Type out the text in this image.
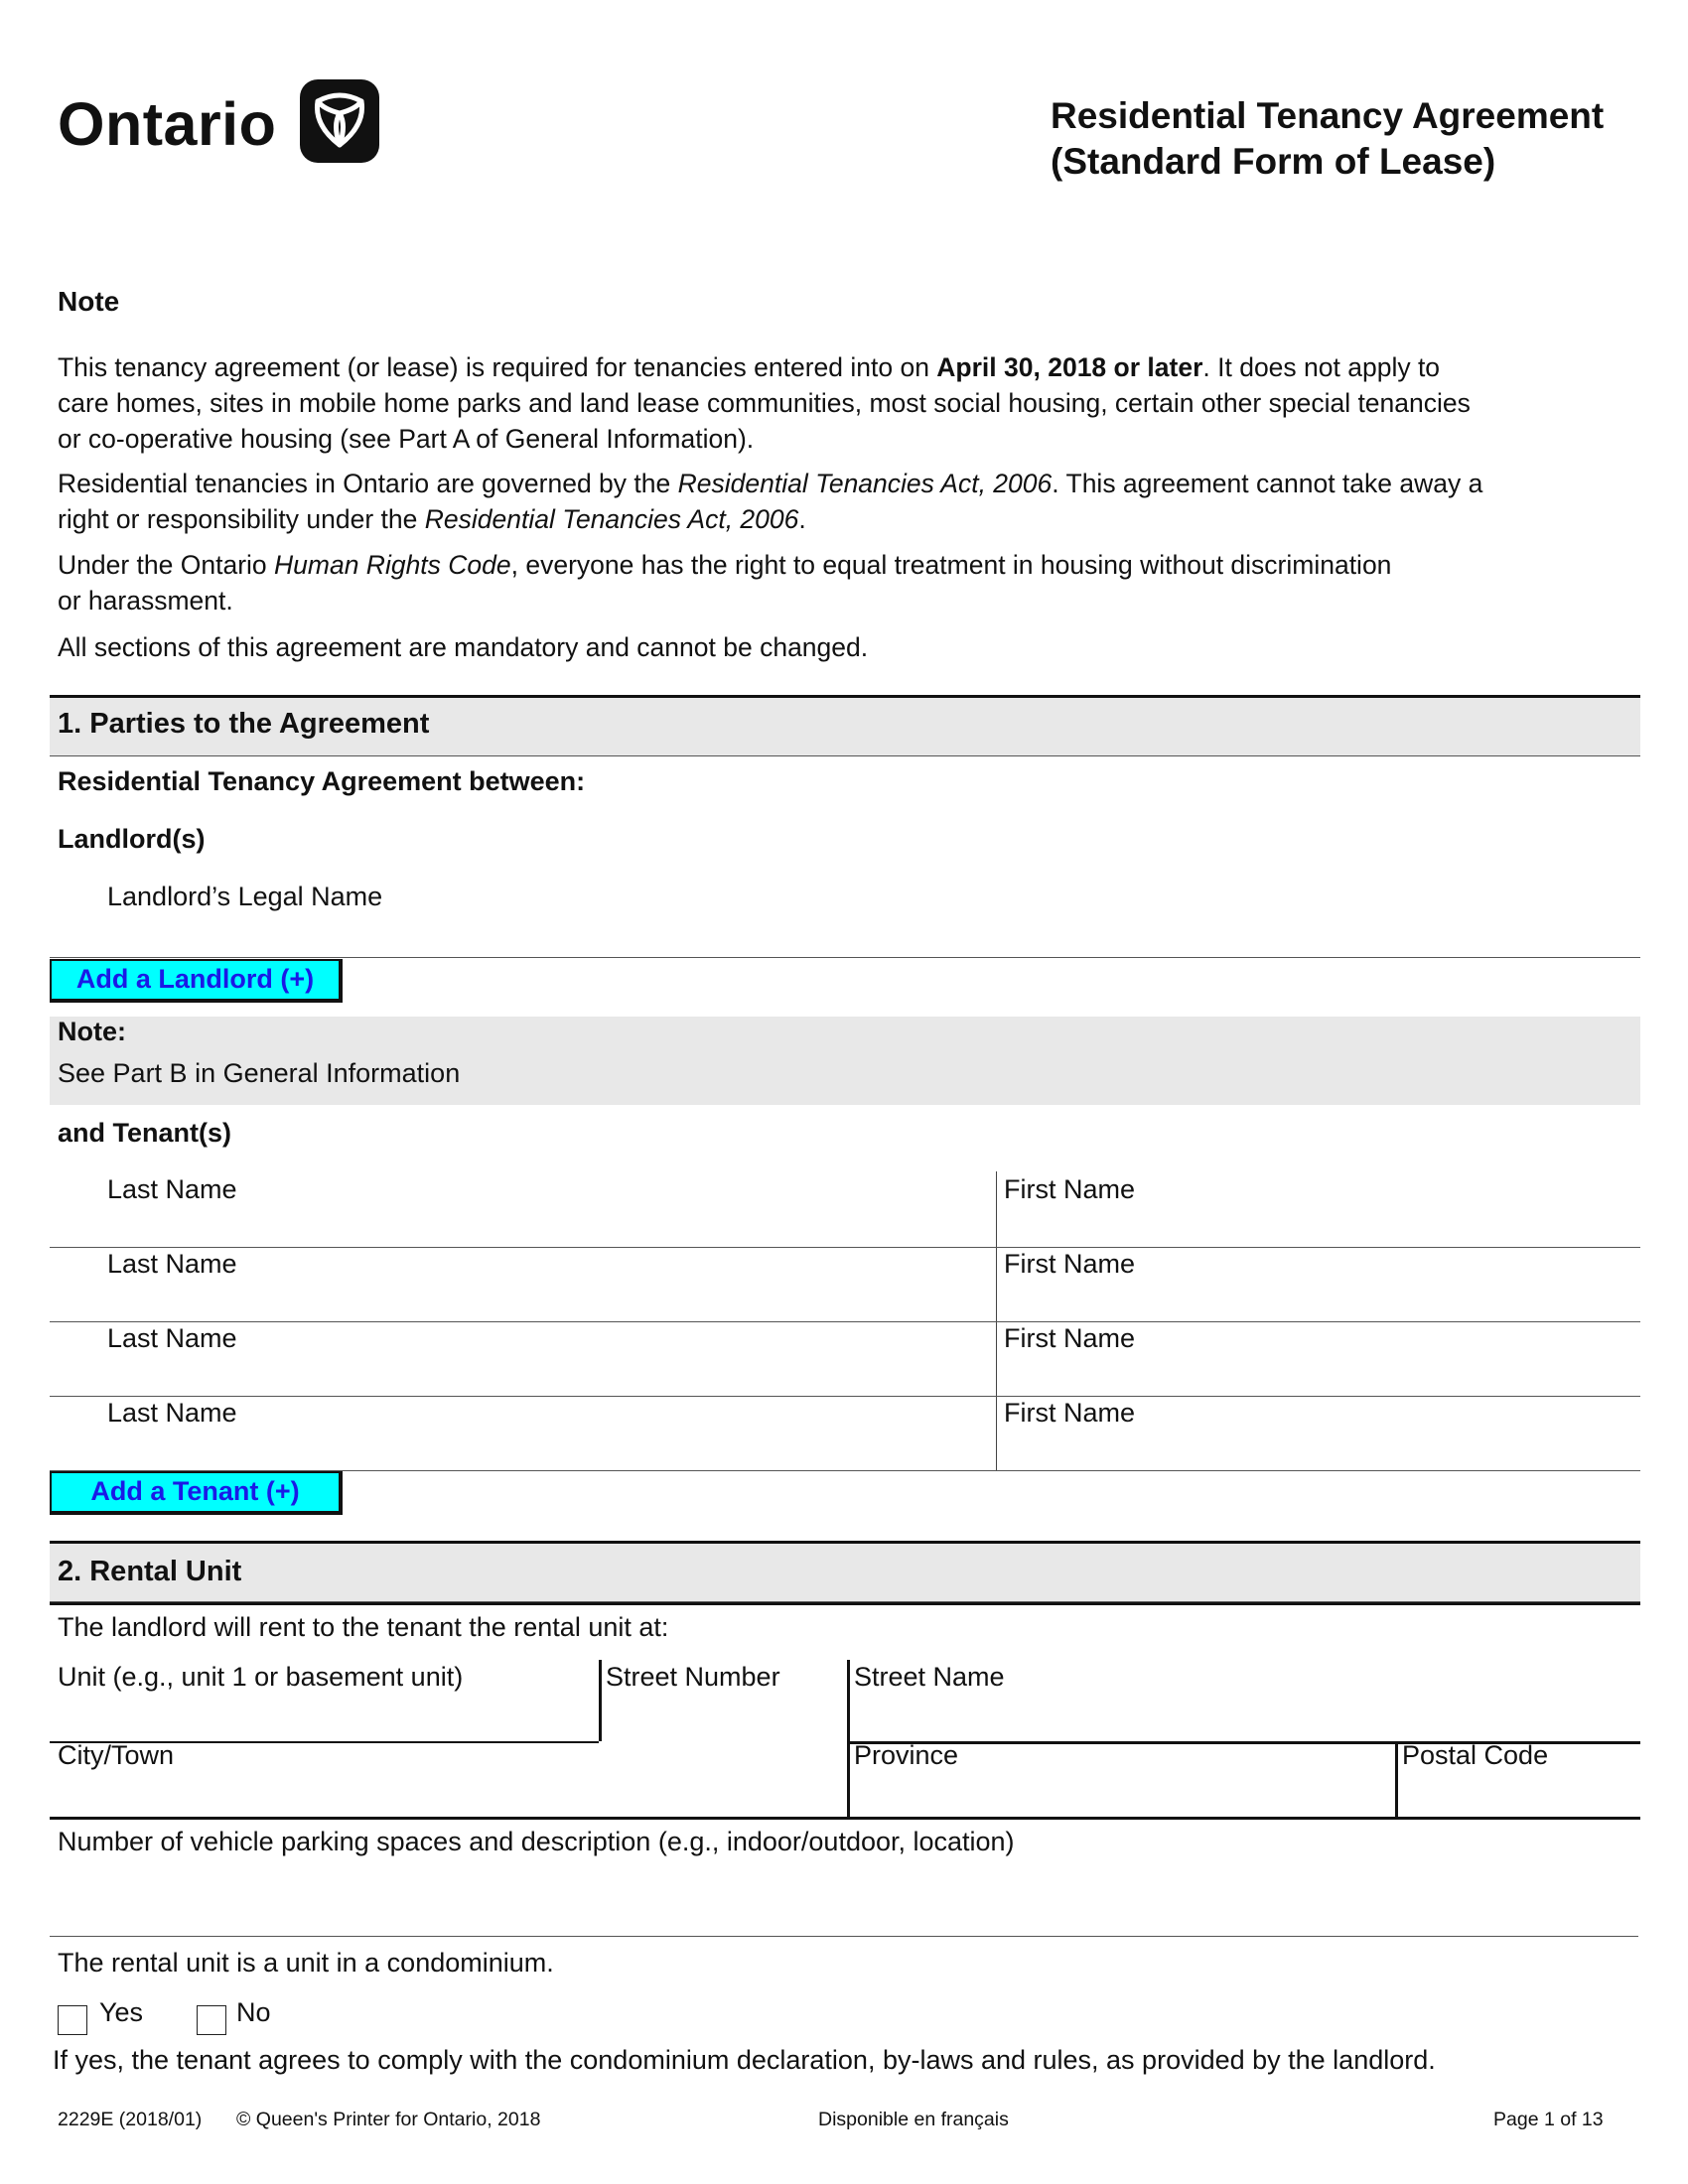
Ontario	Residential Tenancy Agreement
(Standard Form of Lease)
Note
This tenancy agreement (or lease) is required for tenancies entered into on April 30, 2018 or later. It does not apply to
care homes, sites in mobile home parks and land lease communities, most social housing, certain other special tenancies
or co-operative housing (see Part A of General Information).
Residential tenancies in Ontario are governed by the Residential Tenancies Act, 2006. This agreement cannot take away a
right or responsibility under the Residential Tenancies Act, 2006.
Under the Ontario Human Rights Code, everyone has the right to equal treatment in housing without discrimination
or harassment.
All sections of this agreement are mandatory and cannot be changed.
1. Parties to the Agreement
Residential Tenancy Agreement between:
Landlord(s)
Landlord’s Legal Name
Add a Landlord (+)
Note:
See Part B in General Information
and Tenant(s)
Last Name	First Name
Last Name	First Name
Last Name	First Name
Last Name	First Name
Add a Tenant (+)
2. Rental Unit
The landlord will rent to the tenant the rental unit at:
Unit (e.g., unit 1 or basement unit)	Street Number	Street Name
City/Town	Province	Postal Code
Number of vehicle parking spaces and description (e.g., indoor/outdoor, location)
The rental unit is a unit in a condominium.
Yes	No
If yes, the tenant agrees to comply with the condominium declaration, by-laws and rules, as provided by the landlord.
2229E (2018/01) © Queen's Printer for Ontario, 2018	Disponible en français	Page 1 of 13
